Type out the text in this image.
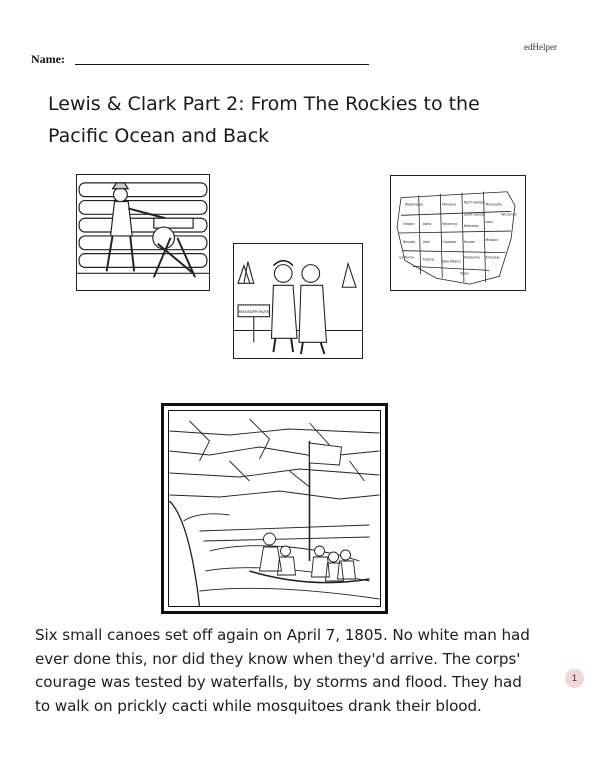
edHelper
Name:
Lewis & Clark Part 2: From The Rockies to the
Pacific Ocean and Back
MISSISSIPPI RIVER
Washington
Oregon	Idaho
Montana
Wyoming
Nevada Utah	Colorado
California	Arizona New Mexico
Nebraska
Kansas
Oklahoma
Texas
Minnesota
Iowa
Missouri
Arkansas
Wisconsin
North Dakota
South Dakota
Six small canoes set off again on April 7, 1805. No white man had
ever done this, nor did they know when they'd arrive. The corps'
courage was tested by waterfalls, by storms and flood. They had
to walk on prickly cacti while mosquitoes drank their blood.
1
